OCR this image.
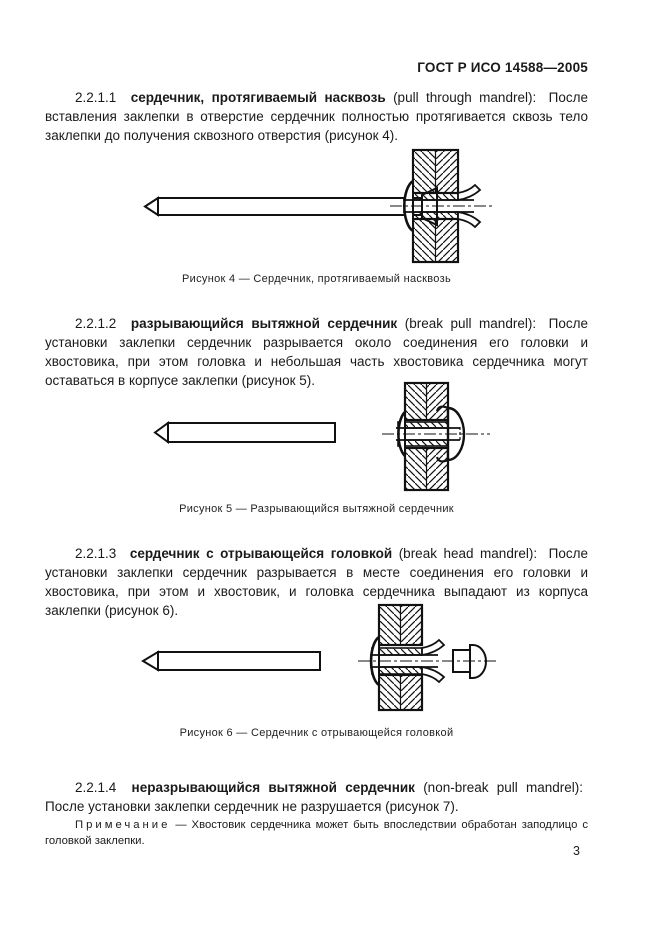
ГОСТ Р ИСО 14588—2005
2.2.1.1 сердечник, протягиваемый насквозь (pull through mandrel): После вставления заклепки в отверстие сердечник полностью протягивается сквозь тело заклепки до получения сквозного отверстия (рисунок 4).
Рисунок 4 — Сердечник, протягиваемый насквозь
2.2.1.2 разрывающийся вытяжной сердечник (break pull mandrel): После установки заклепки сердечник разрывается около соединения его головки и хвостовика, при этом головка и небольшая часть хвостовика сердечника могут оставаться в корпусе заклепки (рисунок 5).
Рисунок 5 — Разрывающийся вытяжной сердечник
2.2.1.3 сердечник с отрывающейся головкой (break head mandrel): После установки заклепки сердечник разрывается в месте соединения его головки и хвостовика, при этом и хвостовик, и головка сердечника выпадают из корпуса заклепки (рисунок 6).
Рисунок 6 — Сердечник с отрывающейся головкой
2.2.1.4 неразрывающийся вытяжной сердечник (non-break pull mandrel): После установки заклепки сердечник не разрушается (рисунок 7).
Примечание — Хвостовик сердечника может быть впоследствии обработан заподлицо с головкой заклепки.
3
